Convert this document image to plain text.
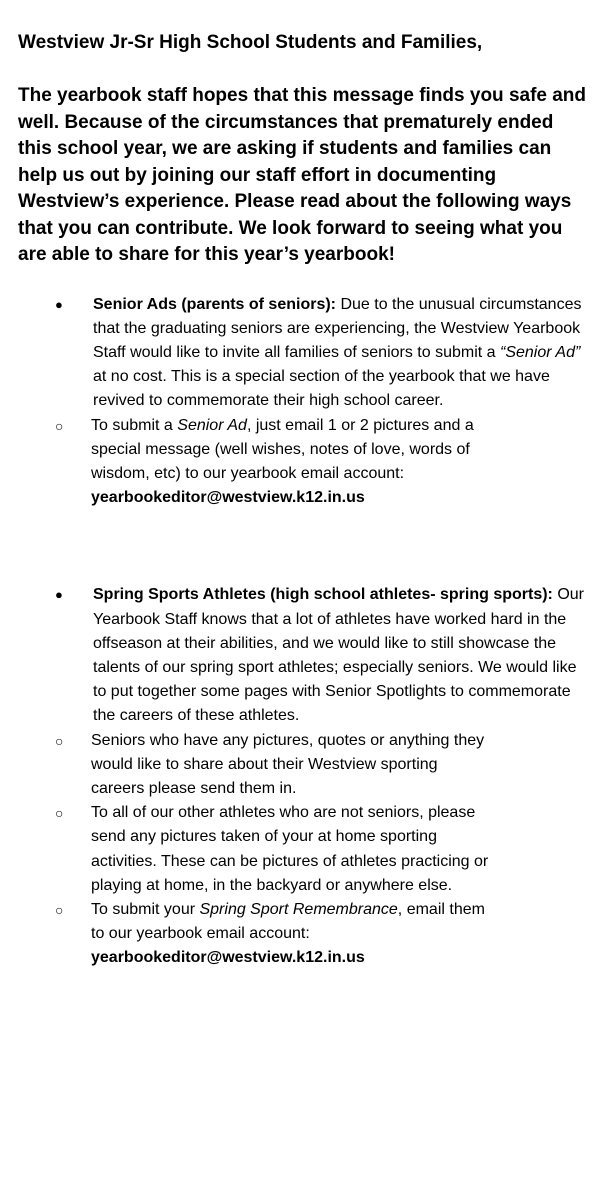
Westview Jr-Sr High School Students and Families,

The yearbook staff hopes that this message finds you safe and well. Because of the circumstances that prematurely ended this school year, we are asking if students and families can help us out by joining our staff effort in documenting Westview’s experience. Please read about the following ways that you can contribute. We look forward to seeing what you are able to share for this year’s yearbook!

● Senior Ads (parents of seniors): Due to the unusual circumstances that the graduating seniors are experiencing, the Westview Yearbook Staff would like to invite all families of seniors to submit a “Senior Ad” at no cost. This is a special section of the yearbook that we have revived to commemorate their high school career.
○ To submit a Senior Ad, just email 1 or 2 pictures and a special message (well wishes, notes of love, words of wisdom, etc) to our yearbook email account: yearbookeditor@westview.k12.in.us
● Spring Sports Athletes (high school athletes- spring sports): Our Yearbook Staff knows that a lot of athletes have worked hard in the offseason at their abilities, and we would like to still showcase the talents of our spring sport athletes; especially seniors. We would like to put together some pages with Senior Spotlights to commemorate the careers of these athletes.
○ Seniors who have any pictures, quotes or anything they would like to share about their Westview sporting careers please send them in.
○ To all of our other athletes who are not seniors, please send any pictures taken of your at home sporting activities. These can be pictures of athletes practicing or playing at home, in the backyard or anywhere else.
○ To submit your Spring Sport Remembrance, email them to our yearbook email account: yearbookeditor@westview.k12.in.us
